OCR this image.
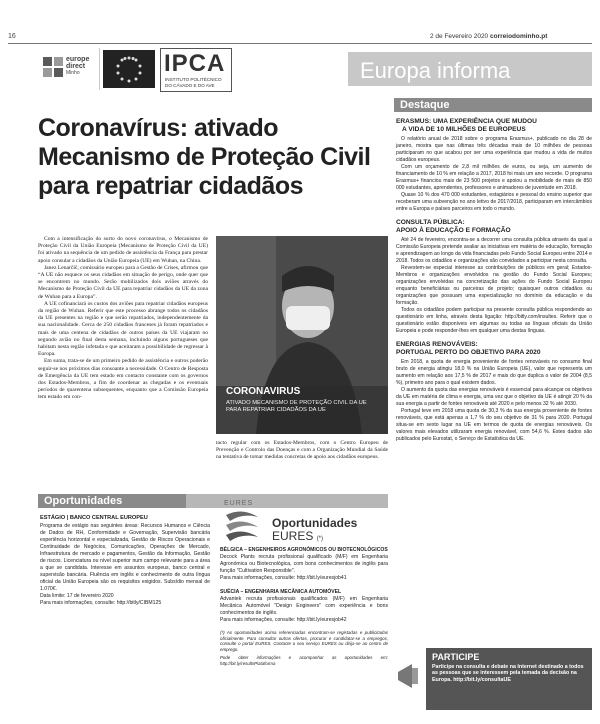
16	2 de Fevereiro 2020 correiodominho.pt
europe
direct
Minho	IPCA
INSTITUTO POLITÉCNICO
DO CÁVADO E DO AVE
Europa informa
Coronavírus: ativado
Mecanismo de Proteção Civil
para repatriar cidadãos

Com a intensificação do surto do novo coronavírus, o Mecanismo de Proteção Civil da União Europeia (Mecanismo de Proteção Civil da UE) foi ativado na sequência de um pedido de assistência da França para prestar apoio consular a cidadãos da União Europeia (UE) em Wuhan, na China.

Janez Lenarčič, comissário europeu para a Gestão de Crises, afirmou que “A UE não esquece os seus cidadãos em situação de perigo, onde quer que se encontrem no mundo. Serão mobilizados dois aviões através do Mecanismo de Proteção Civil da UE para repatriar cidadãos da UE da zona de Wuhan para a Europa”.

A UE cofinanciará os custos dos aviões para repatriar cidadãos europeus da região de Wuhan. Referir que este processo abrange todos os cidadãos da UE presentes na região e que serão repatriados, independentemente da sua nacionalidade. Cerca de 250 cidadãos franceses já foram repatriados e mais de uma centena de cidadãos de outros países da UE viajaram no segundo avião no final desta semana, incluindo alguns portugueses que habitam nesta região infetada e que aceitaram a possibilidade de regressar à Europa.

Em suma, trata-se de um primeiro pedido de assistência e outros poderão seguir-se nos próximos dias consoante a necessidade. O Centro de Resposta de Emergência da UE tem estado em contacto constante com os governos dos Estados-Membros, a fim de coordenar as chegadas e os eventuais períodos de quarentena subsequentes, enquanto que a Comissão Europeia tem estado em con-

CORONAVIRUS
ATIVADO MECANISMO DE PROTEÇÃO CIVIL DA UE PARA REPATRIAR CIDADÃOS DA UE

tacto regular com os Estados-Membros, com o Centro Europeu de Prevenção e Controlo das Doenças e com a Organização Mundial da Saúde na tentativa de tomar medidas concretas de apoio aos cidadãos europeus.

Oportunidades
ESTÁGIO | BANCO CENTRAL EUROPEU
Programa de estágio nas seguintes áreas: Recursos Humanos e Ciência de Dados de RH, Conformidade e Governação, Supervisão bancária experiência horizontal e especializada, Gestão de Riscos Operacionais e Continuidade de Negócios, Comunicações, Operações de Mercado, Infraestrutura de mercado e pagamentos, Gestão da Informação, Gestão de riscos. Licenciatura ou nível superior num campo relevante para a área a que se candidata. Interesse em assuntos europeus, banco central e supervisão bancária. Fluência em inglês e conhecimento de outra língua oficial da União Europeia são os requisitos exigidos. Subsídio mensal de 1.070€.
Data limite: 17 de fevereiro 2020
Para mais informações, consulte: http://bitly/CIBM125
EURES
Oportunidades
EURES (*)
BÉLGICA – ENGENHEIROS AGRONÓMICOS OU BIOTECNOLÓGICOS
Decock Plants recruta profissional qualificado (M/F) em Engenharia Agronómica ou Biotecnológica, com bons conhecimentos de inglês para função "Cultivation Responsible".
Para mais informações, consulte: http://bit.ly/euresjob41
SUÉCIA – ENGENHARIA MECÂNICA AUTOMÓVEL
Advantek recruta profissionais qualificados (M/F) em Engenharia Mecânica Automóvel "Design Engineers" com experiência e bons conhecimentos de inglês.
Para mais informações, consulte: http://bit.ly/euresjob42
(*) As oportunidades acima referenciadas encontram-se registadas e publicitadas oficialmente. Para consultar outras ofertas, procurar e candidatar-se a empregos, consulte o portal EURES. Contacte o seu serviço EURES ou dirija-se ao centro de emprego.
Pode obter informações e acompanhar as oportunidades em: http://bit.ly/resultsPlataforma
Destaque
ERASMUS: UMA EXPERIÊNCIA QUE MUDOU
A VIDA DE 10 MILHÕES DE EUROPEUS

O relatório anual de 2018 sobre o programa Erasmus+, publicado no dia 28 de janeiro, mostra que nas últimas três décadas mais de 10 milhões de pessoas participaram no que acabou por ser uma experiência que mudou a vida de muitos cidadãos europeus.

Com um orçamento de 2,8 mil milhões de euros, ou seja, um aumento de financiamento de 10 % em relação a 2017, 2018 foi mais um ano recorde. O programa Erasmus+ financiou mais de 23 500 projetos e apoiou a mobilidade de mais de 850 000 estudantes, aprendentes, professores e animadores de juventude em 2018.

Quase 10 % dos 470 000 estudantes, estagiários e pessoal do ensino superior que receberam uma subvenção no ano letivo de 2017/2018, participaram em intercâmbios entre a Europa e países parceiros em todo o mundo.

CONSULTA PÚBLICA:
APOIO À EDUCAÇÃO E FORMAÇÃO

Até 24 de fevereiro, encontra-se a decorrer uma consulta pública através da qual a Comissão Europeia pretende avaliar as iniciativas em matéria de educação, formação e aprendizagem ao longo da vida financiadas pelo Fundo Social Europeu entre 2014 e 2018. Todos os cidadãos e organizações são convidados a participar nesta consulta.

Revestem-se especial interesse as contribuições de públicos em geral; Estados-Membros e organizações envolvidos na gestão do Fundo Social Europeu; organizações envolvidas na concretização das ações do Fundo Social Europeu enquanto beneficiárias ou parceiras de projeto; quaisquer outros cidadãos ou organizações que possuam uma especialização no domínio da educação e da formação.

Todos os cidadãos podem participar na presente consulta pública respondendo ao questionário em linha, através desta ligação: http://bitly.com/insultes. Referir que o questionário estão disponíveis em algumas ou todas as línguas oficiais da União Europeia e pode responder-lhes em qualquer uma destas línguas.

ENERGIAS RENOVÁVEIS:
PORTUGAL PERTO DO OBJETIVO PARA 2020

Em 2018, a quota de energia proveniente de fontes renováveis no consumo final bruto de energia atingiu 18,0 % na União Europeia (UE), valor que representa um aumento em relação aos 17,5 % de 2017 e mais do que duplica o valor de 2004 (8,5 %), primeiro ano para o qual existem dados.

O aumento da quota das energias renováveis é essencial para alcançar os objetivos da UE em matéria de clima e energia, uma vez que o objetivo da UE é atingir 20 % da sua energia a partir de fontes renováveis até 2020 e pelo menos 32 % até 2030.

Portugal teve em 2018 uma quota de 30,3 % da sua energia proveniente de fontes renováveis, que está apenas a 1,7 % do seu objetivo de 31 % para 2020. Portugal situa-se em sexto lugar na UE em termos de quota de energias renováveis. Os valores mais elevados utilizaram energia renovável, com 54,6 %. Estes dados são publicados pelo Eurostat, o Serviço de Estatística da UE.

PARTICIPE
Participe na consulta e debate na Internet destinado a todos as pessoas que se interessem pela temada da decisão na Europa. http://bit.ly/consultaUE
